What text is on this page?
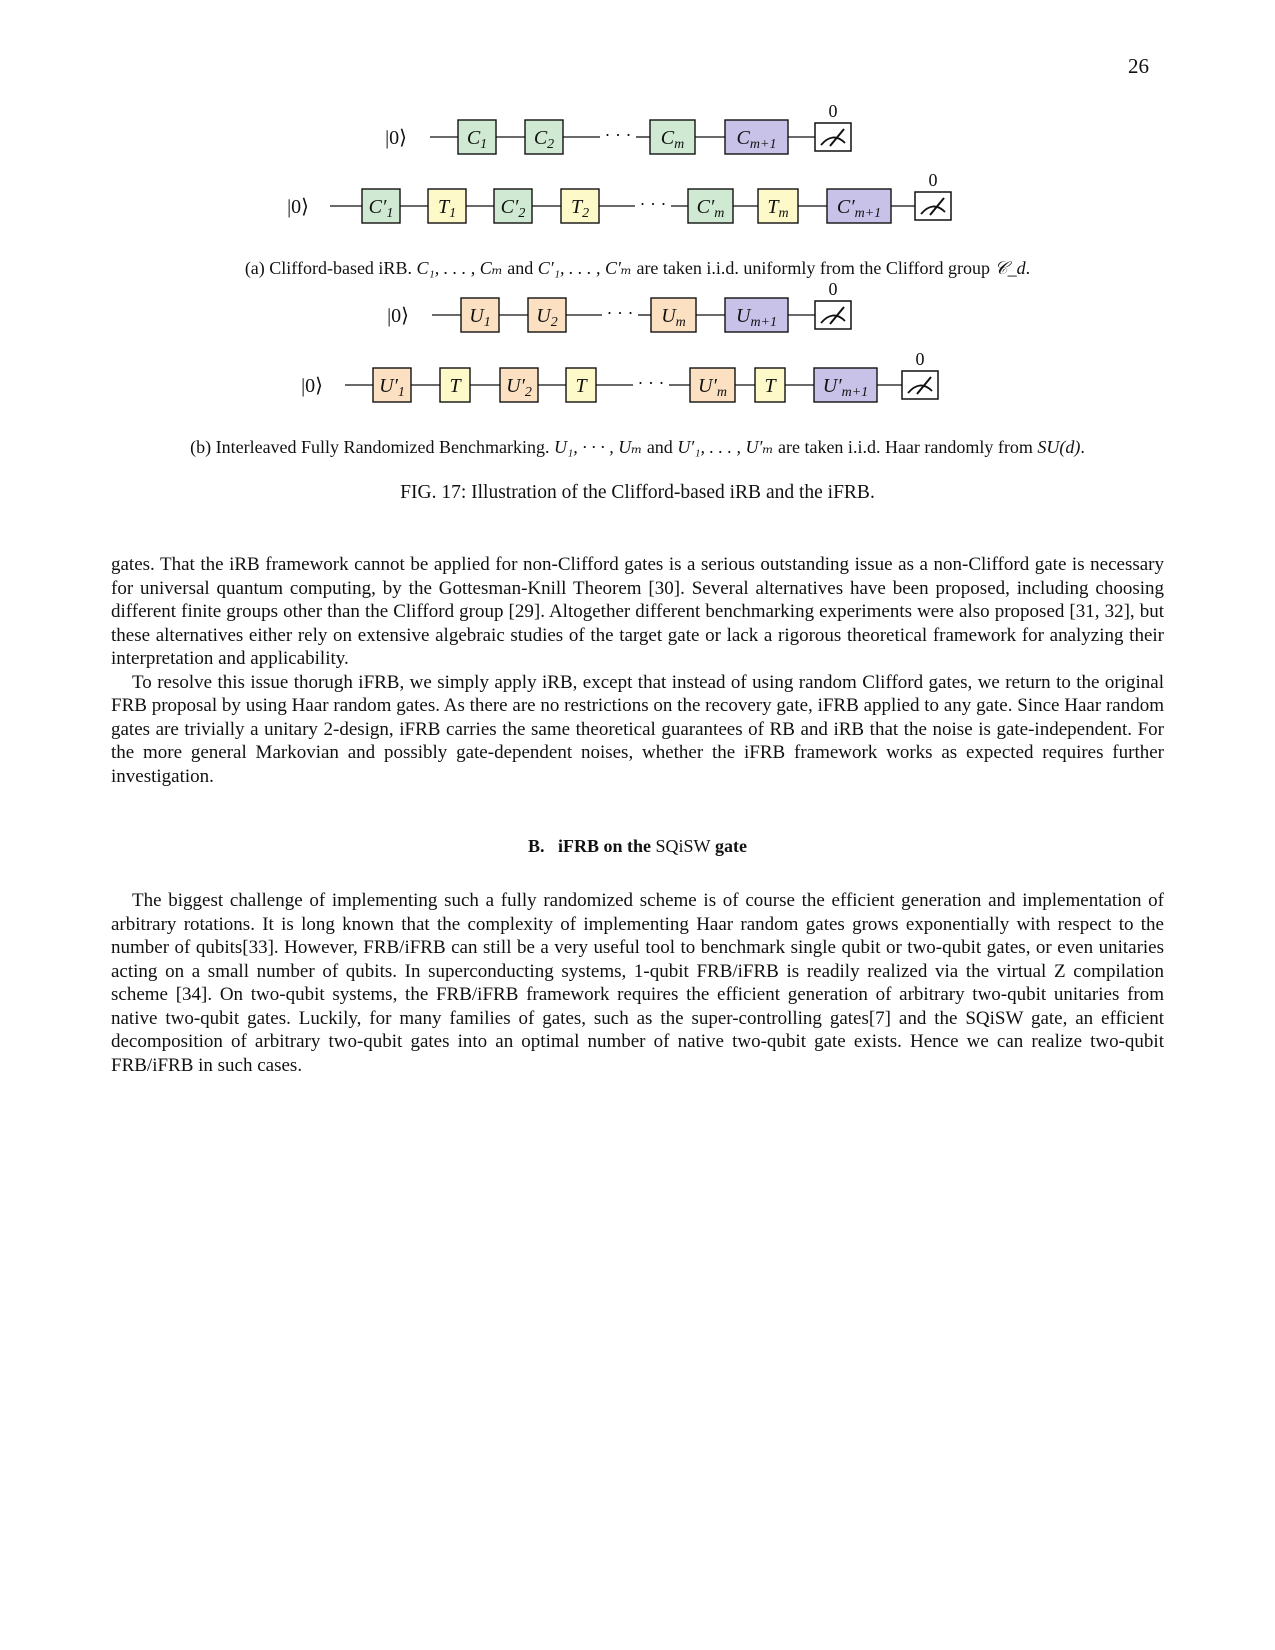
26
|0⟩	· · ·
$C_1$ $C_2$	$C_m$	$C_{m+1}$
0
|0⟩	· · ·
$C'_1$ $T_1$ $C'_2$ $T_2$	$C'_m$ $T_m$ $C'_{m+1}$
0
(a) Clifford-based iRB. C₁, . . . , Cₘ and C′₁, . . . , C′ₘ are taken i.i.d. uniformly from the Clifford group 𝒞_d.
|0⟩	· · ·
$U_1$ $U_2$	$U_m$	$U_{m+1}$
0
|0⟩	· · ·
$U'_1$ T $U'_2$ T	$U'_m$ T $U'_{m+1}$
0
(b) Interleaved Fully Randomized Benchmarking. U₁, · · · , Uₘ and U′₁, . . . , U′ₘ are taken i.i.d. Haar randomly from SU(d).
FIG. 17: Illustration of the Clifford-based iRB and the iFRB.

gates. That the iRB framework cannot be applied for non-Clifford gates is a serious outstanding issue as a non-Clifford gate is necessary for universal quantum computing, by the Gottesman-Knill Theorem [30]. Several alternatives have been proposed, including choosing different finite groups other than the Clifford group [29]. Altogether different benchmarking experiments were also proposed [31, 32], but these alternatives either rely on extensive algebraic studies of the target gate or lack a rigorous theoretical framework for analyzing their interpretation and applicability.

To resolve this issue thorugh iFRB, we simply apply iRB, except that instead of using random Clifford gates, we return to the original FRB proposal by using Haar random gates. As there are no restrictions on the recovery gate, iFRB applied to any gate. Since Haar random gates are trivially a unitary 2-design, iFRB carries the same theoretical guarantees of RB and iRB that the noise is gate-independent. For the more general Markovian and possibly gate-dependent noises, whether the iFRB framework works as expected requires further investigation.

B. iFRB on the SQiSW gate

The biggest challenge of implementing such a fully randomized scheme is of course the efficient generation and implementation of arbitrary rotations. It is long known that the complexity of implementing Haar random gates grows exponentially with respect to the number of qubits[33]. However, FRB/iFRB can still be a very useful tool to benchmark single qubit or two-qubit gates, or even unitaries acting on a small number of qubits. In superconducting systems, 1-qubit FRB/iFRB is readily realized via the virtual Z compilation scheme [34]. On two-qubit systems, the FRB/iFRB framework requires the efficient generation of arbitrary two-qubit unitaries from native two-qubit gates. Luckily, for many families of gates, such as the super-controlling gates[7] and the SQiSW gate, an efficient decomposition of arbitrary two-qubit gates into an optimal number of native two-qubit gate exists. Hence we can realize two-qubit FRB/iFRB in such cases.
